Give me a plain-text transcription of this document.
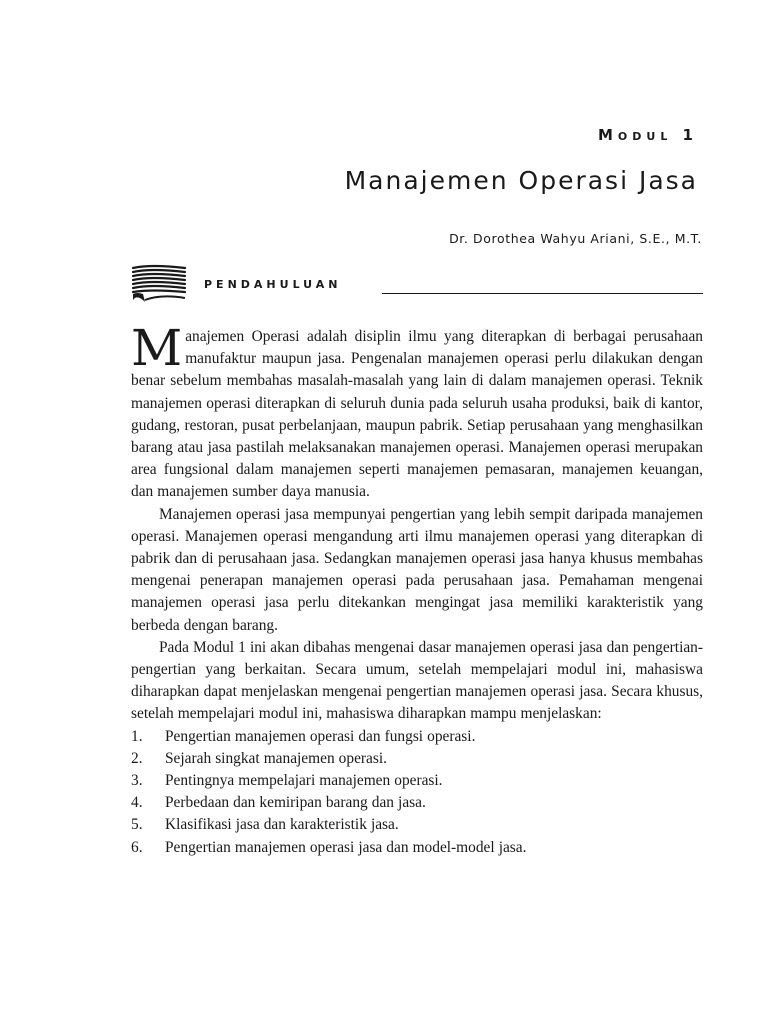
Modul 1
Manajemen Operasi Jasa
Dr. Dorothea Wahyu Ariani, S.E., M.T.
PENDAHULUAN

Manajemen Operasi adalah disiplin ilmu yang diterapkan di berbagai perusahaan manufaktur maupun jasa. Pengenalan manajemen operasi perlu dilakukan dengan benar sebelum membahas masalah-masalah yang lain di dalam manajemen operasi. Teknik manajemen operasi diterapkan di seluruh dunia pada seluruh usaha produksi, baik di kantor, gudang, restoran, pusat perbelanjaan, maupun pabrik. Setiap perusahaan yang menghasilkan barang atau jasa pastilah melaksanakan manajemen operasi. Manajemen operasi merupakan area fungsional dalam manajemen seperti manajemen pemasaran, manajemen keuangan, dan manajemen sumber daya manusia.

Manajemen operasi jasa mempunyai pengertian yang lebih sempit daripada manajemen operasi. Manajemen operasi mengandung arti ilmu manajemen operasi yang diterapkan di pabrik dan di perusahaan jasa. Sedangkan manajemen operasi jasa hanya khusus membahas mengenai penerapan manajemen operasi pada perusahaan jasa. Pemahaman mengenai manajemen operasi jasa perlu ditekankan mengingat jasa memiliki karakteristik yang berbeda dengan barang.

Pada Modul 1 ini akan dibahas mengenai dasar manajemen operasi jasa dan pengertian-pengertian yang berkaitan. Secara umum, setelah mempelajari modul ini, mahasiswa diharapkan dapat menjelaskan mengenai pengertian manajemen operasi jasa. Secara khusus, setelah mempelajari modul ini, mahasiswa diharapkan mampu menjelaskan:

1. Pengertian manajemen operasi dan fungsi operasi.
2. Sejarah singkat manajemen operasi.
3. Pentingnya mempelajari manajemen operasi.
4. Perbedaan dan kemiripan barang dan jasa.
5. Klasifikasi jasa dan karakteristik jasa.
6. Pengertian manajemen operasi jasa dan model-model jasa.
